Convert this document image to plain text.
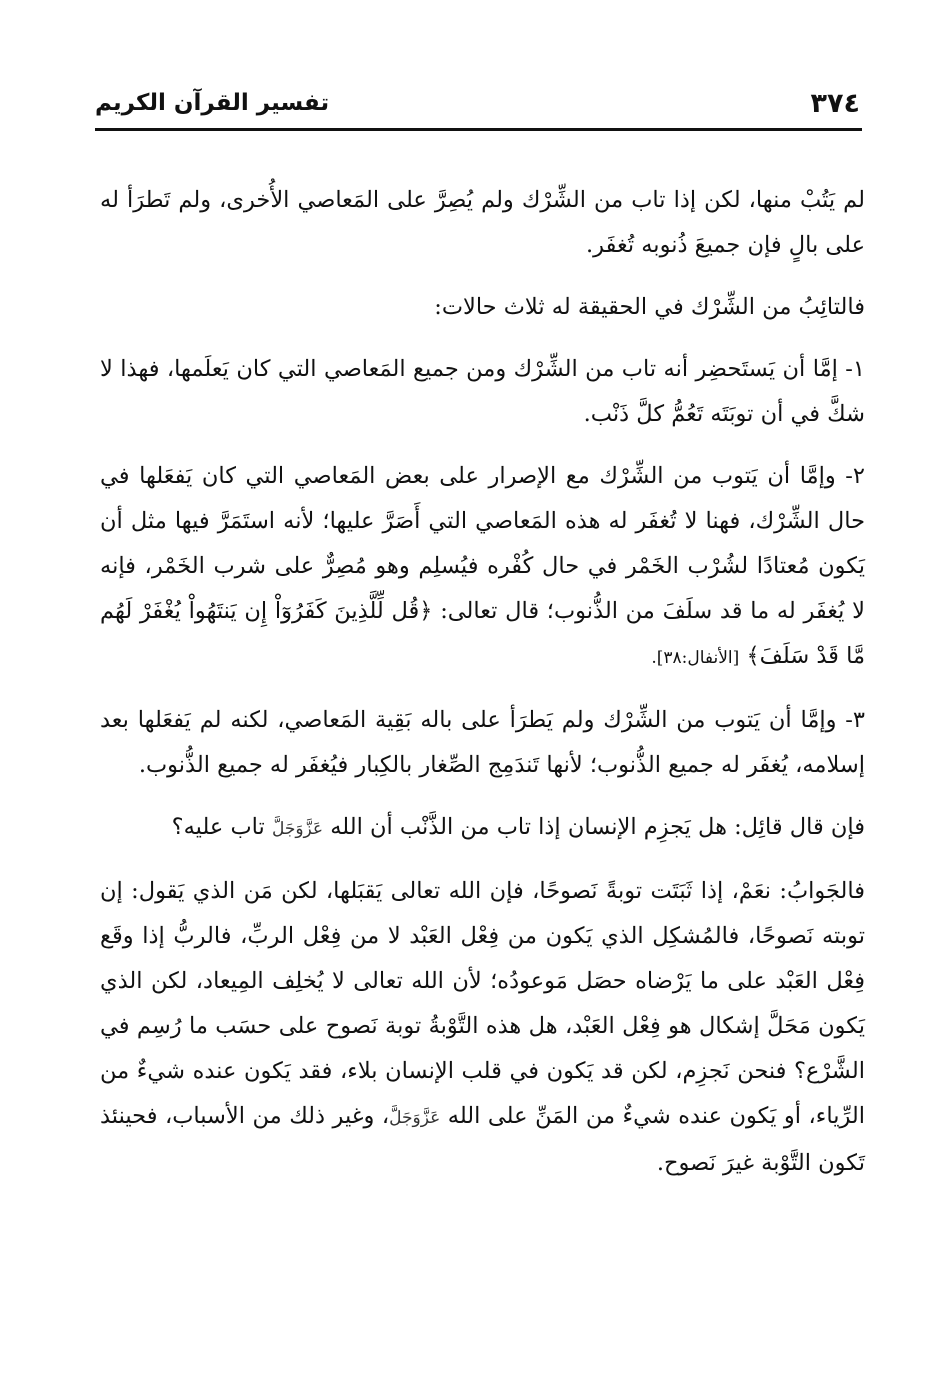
٣٧٤
تفسير القرآن الكريم

لم يَتُبْ منها، لكن إذا تاب من الشِّرْك ولم يُصِرَّ على المَعاصي الأُخرى، ولم تَطرَأ له على بالٍ فإن جميعَ ذُنوبه تُغفَر.

فالتائِبُ من الشِّرْك في الحقيقة له ثلاث حالات:

١- إمَّا أن يَستَحضِر أنه تاب من الشِّرْك ومن جميع المَعاصي التي كان يَعلَمها، فهذا لا شكَّ في أن توبَتَه تَعُمُّ كلَّ ذَنْب.

٢- وإمَّا أن يَتوب من الشِّرْك مع الإصرار على بعض المَعاصي التي كان يَفعَلها في حال الشِّرْك، فهنا لا تُغفَر له هذه المَعاصي التي أَصَرَّ عليها؛ لأنه استَمَرَّ فيها مثل أن يَكون مُعتادًا لشُرْب الخَمْر في حال كُفْره فيُسلِم وهو مُصِرٌّ على شرب الخَمْر، فإنه لا يُغفَر له ما قد سلَفَ من الذُّنوب؛ قال تعالى: ﴿قُل لِّلَّذِينَ كَفَرُوٓاْ إِن يَنتَهُواْ يُغْفَرْ لَهُم مَّا قَدْ سَلَفَ﴾ [الأنفال:٣٨].

٣- وإمَّا أن يَتوب من الشِّرْك ولم يَطرَأ على باله بَقِية المَعاصي، لكنه لم يَفعَلها بعد إسلامه، يُغفَر له جميع الذُّنوب؛ لأنها تَندَمِج الصِّغار بالكِبار فيُغفَر له جميع الذُّنوب.

فإن قال قائِل: هل يَجزِم الإنسان إذا تاب من الذَّنْب أن الله عَزَّوَجَلَّ تاب عليه؟

فالجَوابُ: نعَمْ، إذا ثَبَتَت توبةً نَصوحًا، فإن الله تعالى يَقبَلها، لكن مَن الذي يَقول: إن توبته نَصوحًا، فالمُشكِل الذي يَكون من فِعْل العَبْد لا من فِعْل الربِّ، فالربُّ إذا وقَع فِعْل العَبْد على ما يَرْضاه حصَل مَوعودُه؛ لأن الله تعالى لا يُخلِف المِيعاد، لكن الذي يَكون مَحَلَّ إشكال هو فِعْل العَبْد، هل هذه التَّوْبةُ توبة نَصوح على حسَب ما رُسِم في الشَّرْع؟ فنحن نَجزِم، لكن قد يَكون في قلب الإنسان بلاء، فقد يَكون عنده شيءٌ من الرِّياء، أو يَكون عنده شيءٌ من المَنِّ على الله عَزَّوَجَلَّ، وغير ذلك من الأسباب، فحينئذ تَكون التَّوْبة غيرَ نَصوح.
